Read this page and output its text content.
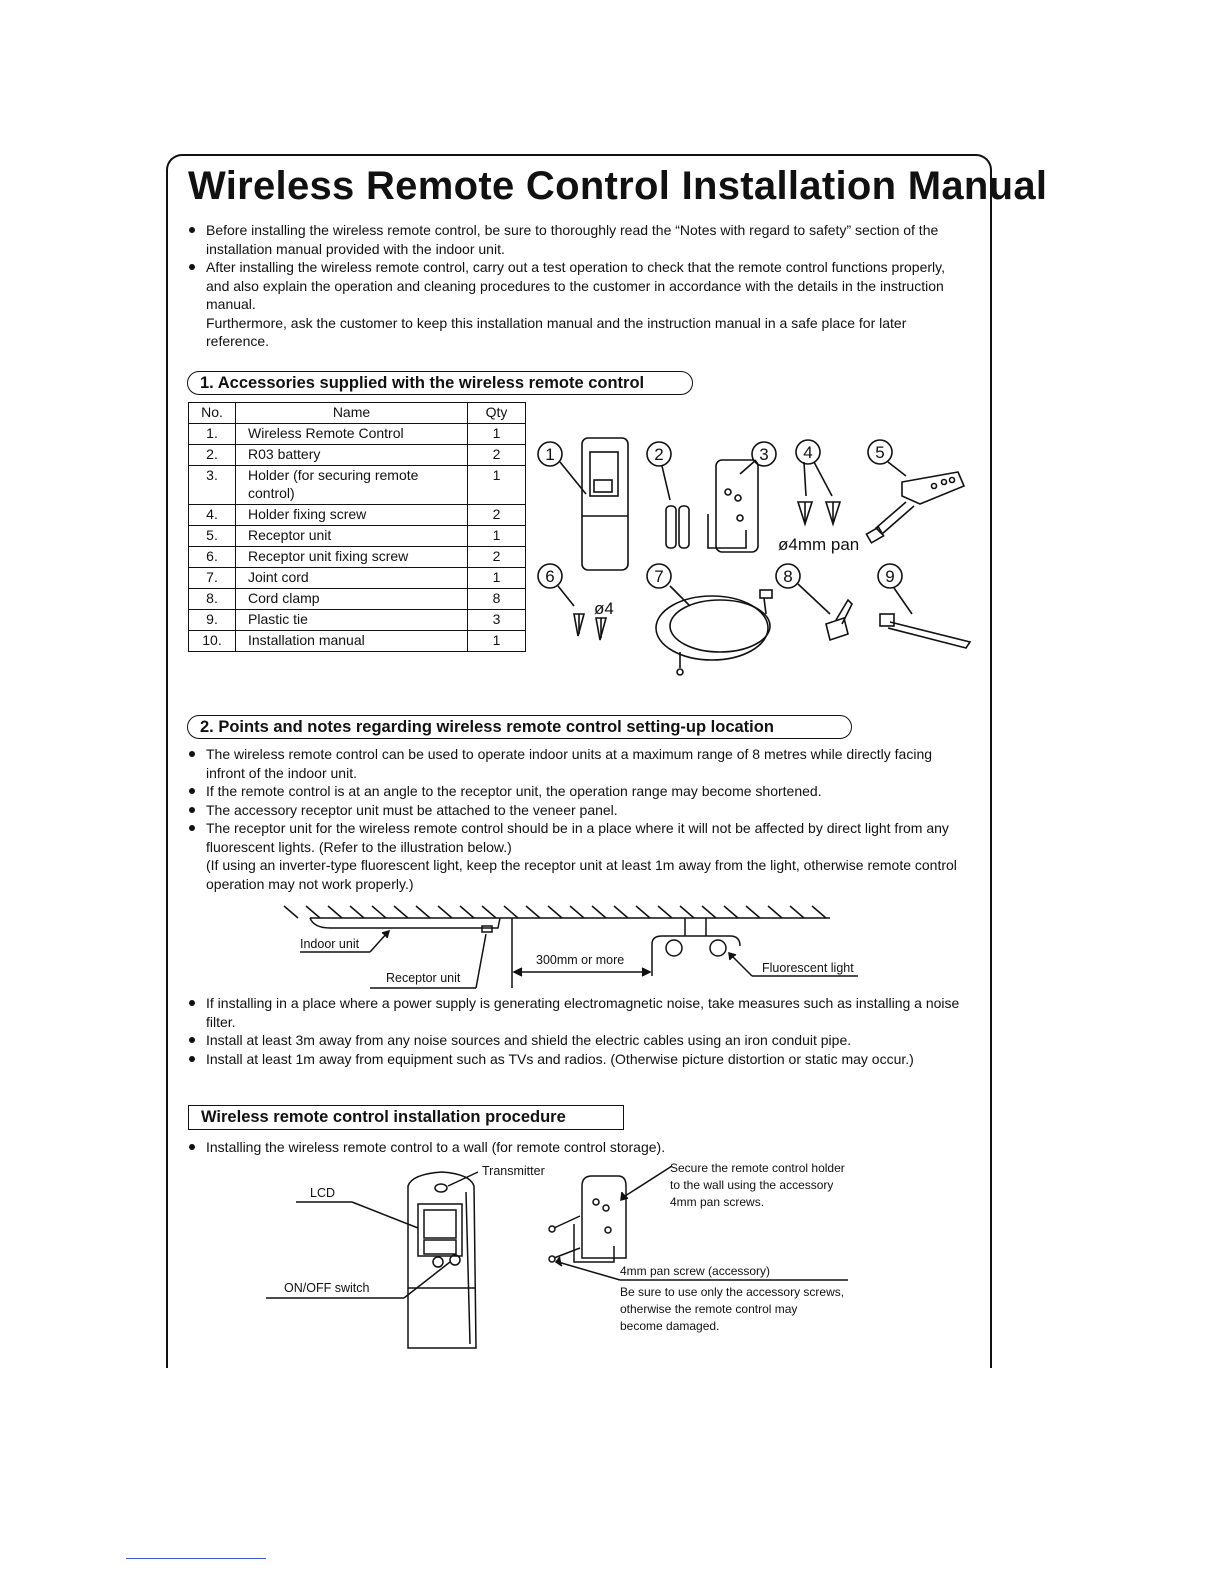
Wireless Remote Control Installation Manual
Before installing the wireless remote control, be sure to thoroughly read the “Notes with regard to safety” section of the installation manual provided with the indoor unit.
After installing the wireless remote control, carry out a test operation to check that the remote control functions properly, and also explain the operation and cleaning procedures to the customer in accordance with the details in the instruction manual.
Furthermore, ask the customer to keep this installation manual and the instruction manual in a safe place for later reference.
1. Accessories supplied with the wireless remote control
No.	Name	Qty
1.	Wireless Remote Control	1
2.	R03 battery	2
3.	Holder (for securing remote control)	1
4.	Holder fixing screw	2
5.	Receptor unit	1
6.	Receptor unit fixing screw	2
7.	Joint cord	1
8.	Cord clamp	8
9.	Plastic tie	3
10.	Installation manual	1
1	2	3 4	5
6	7	8	9
ø4mm pan
ø4
2. Points and notes regarding wireless remote control setting-up location
The wireless remote control can be used to operate indoor units at a maximum range of 8 metres while directly facing infront of the indoor unit.
If the remote control is at an angle to the receptor unit, the operation range may become shortened.
The accessory receptor unit must be attached to the veneer panel.
The receptor unit for the wireless remote control should be in a place where it will not be affected by direct light from any fluorescent lights. (Refer to the illustration below.)
(If using an inverter-type fluorescent light, keep the receptor unit at least 1m away from the light, otherwise remote control operation may not work properly.)
Indoor unit
Receptor unit
300mm or more
Fluorescent light
If installing in a place where a power supply is generating electromagnetic noise, take measures such as installing a noise filter.
Install at least 3m away from any noise sources and shield the electric cables using an iron conduit pipe.
Install at least 1m away from equipment such as TVs and radios. (Otherwise picture distortion or static may occur.)
Wireless remote control installation procedure
Installing the wireless remote control to a wall (for remote control storage).
Transmitter
LCD
ON/OFF switch
Secure the remote control holder
to the wall using the accessory
4mm pan screws.
4mm pan screw (accessory)
Be sure to use only the accessory screws,
otherwise the remote control may
become damaged.
